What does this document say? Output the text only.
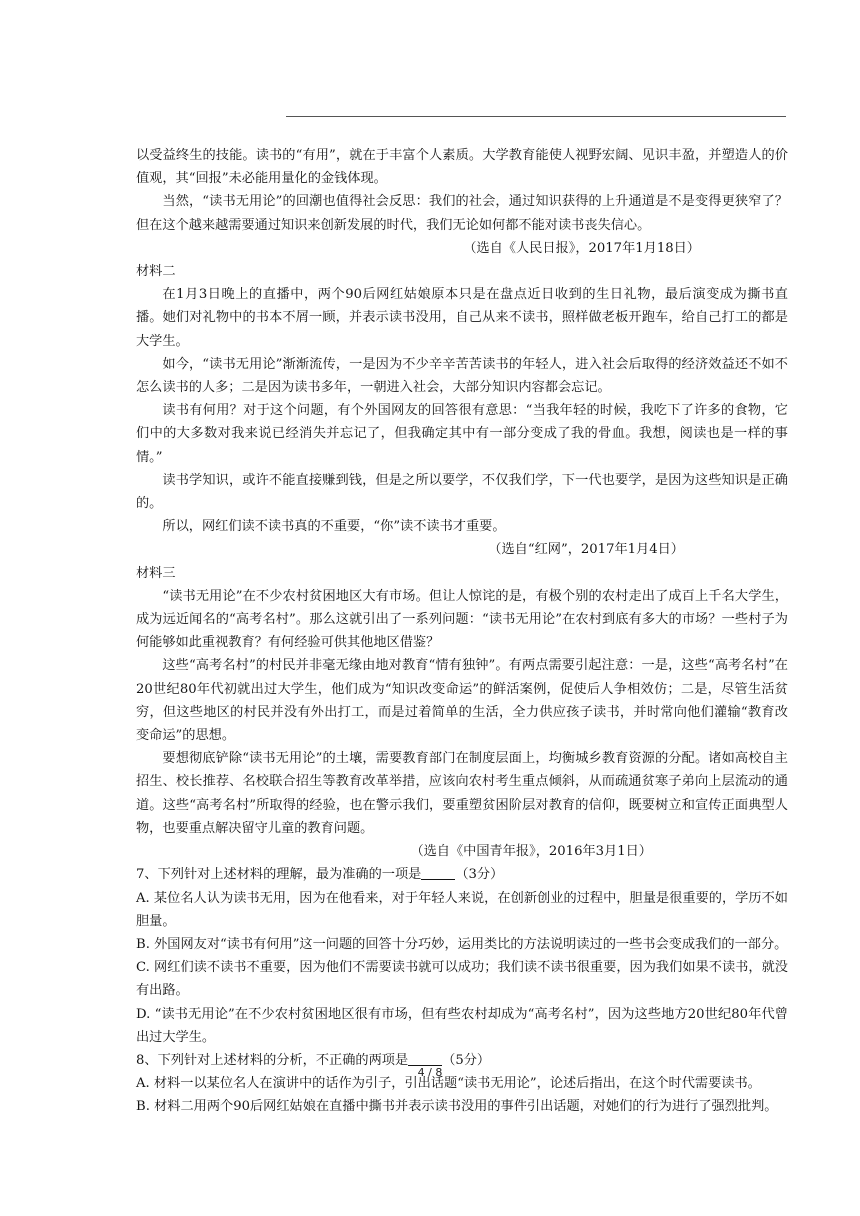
以受益终生的技能。读书的“有用”，就在于丰富个人素质。大学教育能使人视野宏阔、见识丰盈，并塑造人的价值观，其“回报”未必能用量化的金钱体现。

当然，“读书无用论”的回潮也值得社会反思：我们的社会，通过知识获得的上升通道是不是变得更狭窄了？但在这个越来越需要通过知识来创新发展的时代，我们无论如何都不能对读书丧失信心。

（选自《人民日报》，2017年1月18日）

材料二

在1月3日晚上的直播中，两个90后网红姑娘原本只是在盘点近日收到的生日礼物，最后演变成为撕书直播。她们对礼物中的书本不屑一顾，并表示读书没用，自己从来不读书，照样做老板开跑车，给自己打工的都是大学生。

如今，“读书无用论”渐渐流传，一是因为不少辛辛苦苦读书的年轻人，进入社会后取得的经济效益还不如不怎么读书的人多；二是因为读书多年，一朝进入社会，大部分知识内容都会忘记。

读书有何用？对于这个问题，有个外国网友的回答很有意思：“当我年轻的时候，我吃下了许多的食物，它们中的大多数对我来说已经消失并忘记了，但我确定其中有一部分变成了我的骨血。我想，阅读也是一样的事情。”

读书学知识，或许不能直接赚到钱，但是之所以要学，不仅我们学，下一代也要学，是因为这些知识是正确的。

所以，网红们读不读书真的不重要，“你”读不读书才重要。

（选自“红网”，2017年1月4日）

材料三

“读书无用论”在不少农村贫困地区大有市场。但让人惊诧的是，有极个别的农村走出了成百上千名大学生，成为远近闻名的“高考名村”。那么这就引出了一系列问题：“读书无用论”在农村到底有多大的市场？一些村子为何能够如此重视教育？有何经验可供其他地区借鉴？

这些“高考名村”的村民并非毫无缘由地对教育“情有独钟”。有两点需要引起注意：一是，这些“高考名村”在20世纪80年代初就出过大学生，他们成为“知识改变命运”的鲜活案例，促使后人争相效仿；二是，尽管生活贫穷，但这些地区的村民并没有外出打工，而是过着简单的生活，全力供应孩子读书，并时常向他们灌输“教育改变命运”的思想。

要想彻底铲除“读书无用论”的土壤，需要教育部门在制度层面上，均衡城乡教育资源的分配。诸如高校自主招生、校长推荐、名校联合招生等教育改革举措，应该向农村考生重点倾斜，从而疏通贫寒子弟向上层流动的通道。这些“高考名村”所取得的经验，也在警示我们，要重塑贫困阶层对教育的信仰，既要树立和宣传正面典型人物，也要重点解决留守儿童的教育问题。

（选自《中国青年报》，2016年3月1日）

7、下列针对上述材料的理解，最为准确的一项是	（3分）

A. 某位名人认为读书无用，因为在他看来，对于年轻人来说，在创新创业的过程中，胆量是很重要的，学历不如胆量。

B. 外国网友对“读书有何用”这一问题的回答十分巧妙，运用类比的方法说明读过的一些书会变成我们的一部分。

C. 网红们读不读书不重要，因为他们不需要读书就可以成功；我们读不读书很重要，因为我们如果不读书，就没有出路。

D. “读书无用论”在不少农村贫困地区很有市场，但有些农村却成为“高考名村”，因为这些地方20世纪80年代曾出过大学生。

8、下列针对上述材料的分析，不正确的两项是	（5分）

A. 材料一以某位名人在演讲中的话作为引子，引出话题“读书无用论”，论述后指出，在这个时代需要读书。

B. 材料二用两个90后网红姑娘在直播中撕书并表示读书没用的事件引出话题，对她们的行为进行了强烈批判。

4 / 8
